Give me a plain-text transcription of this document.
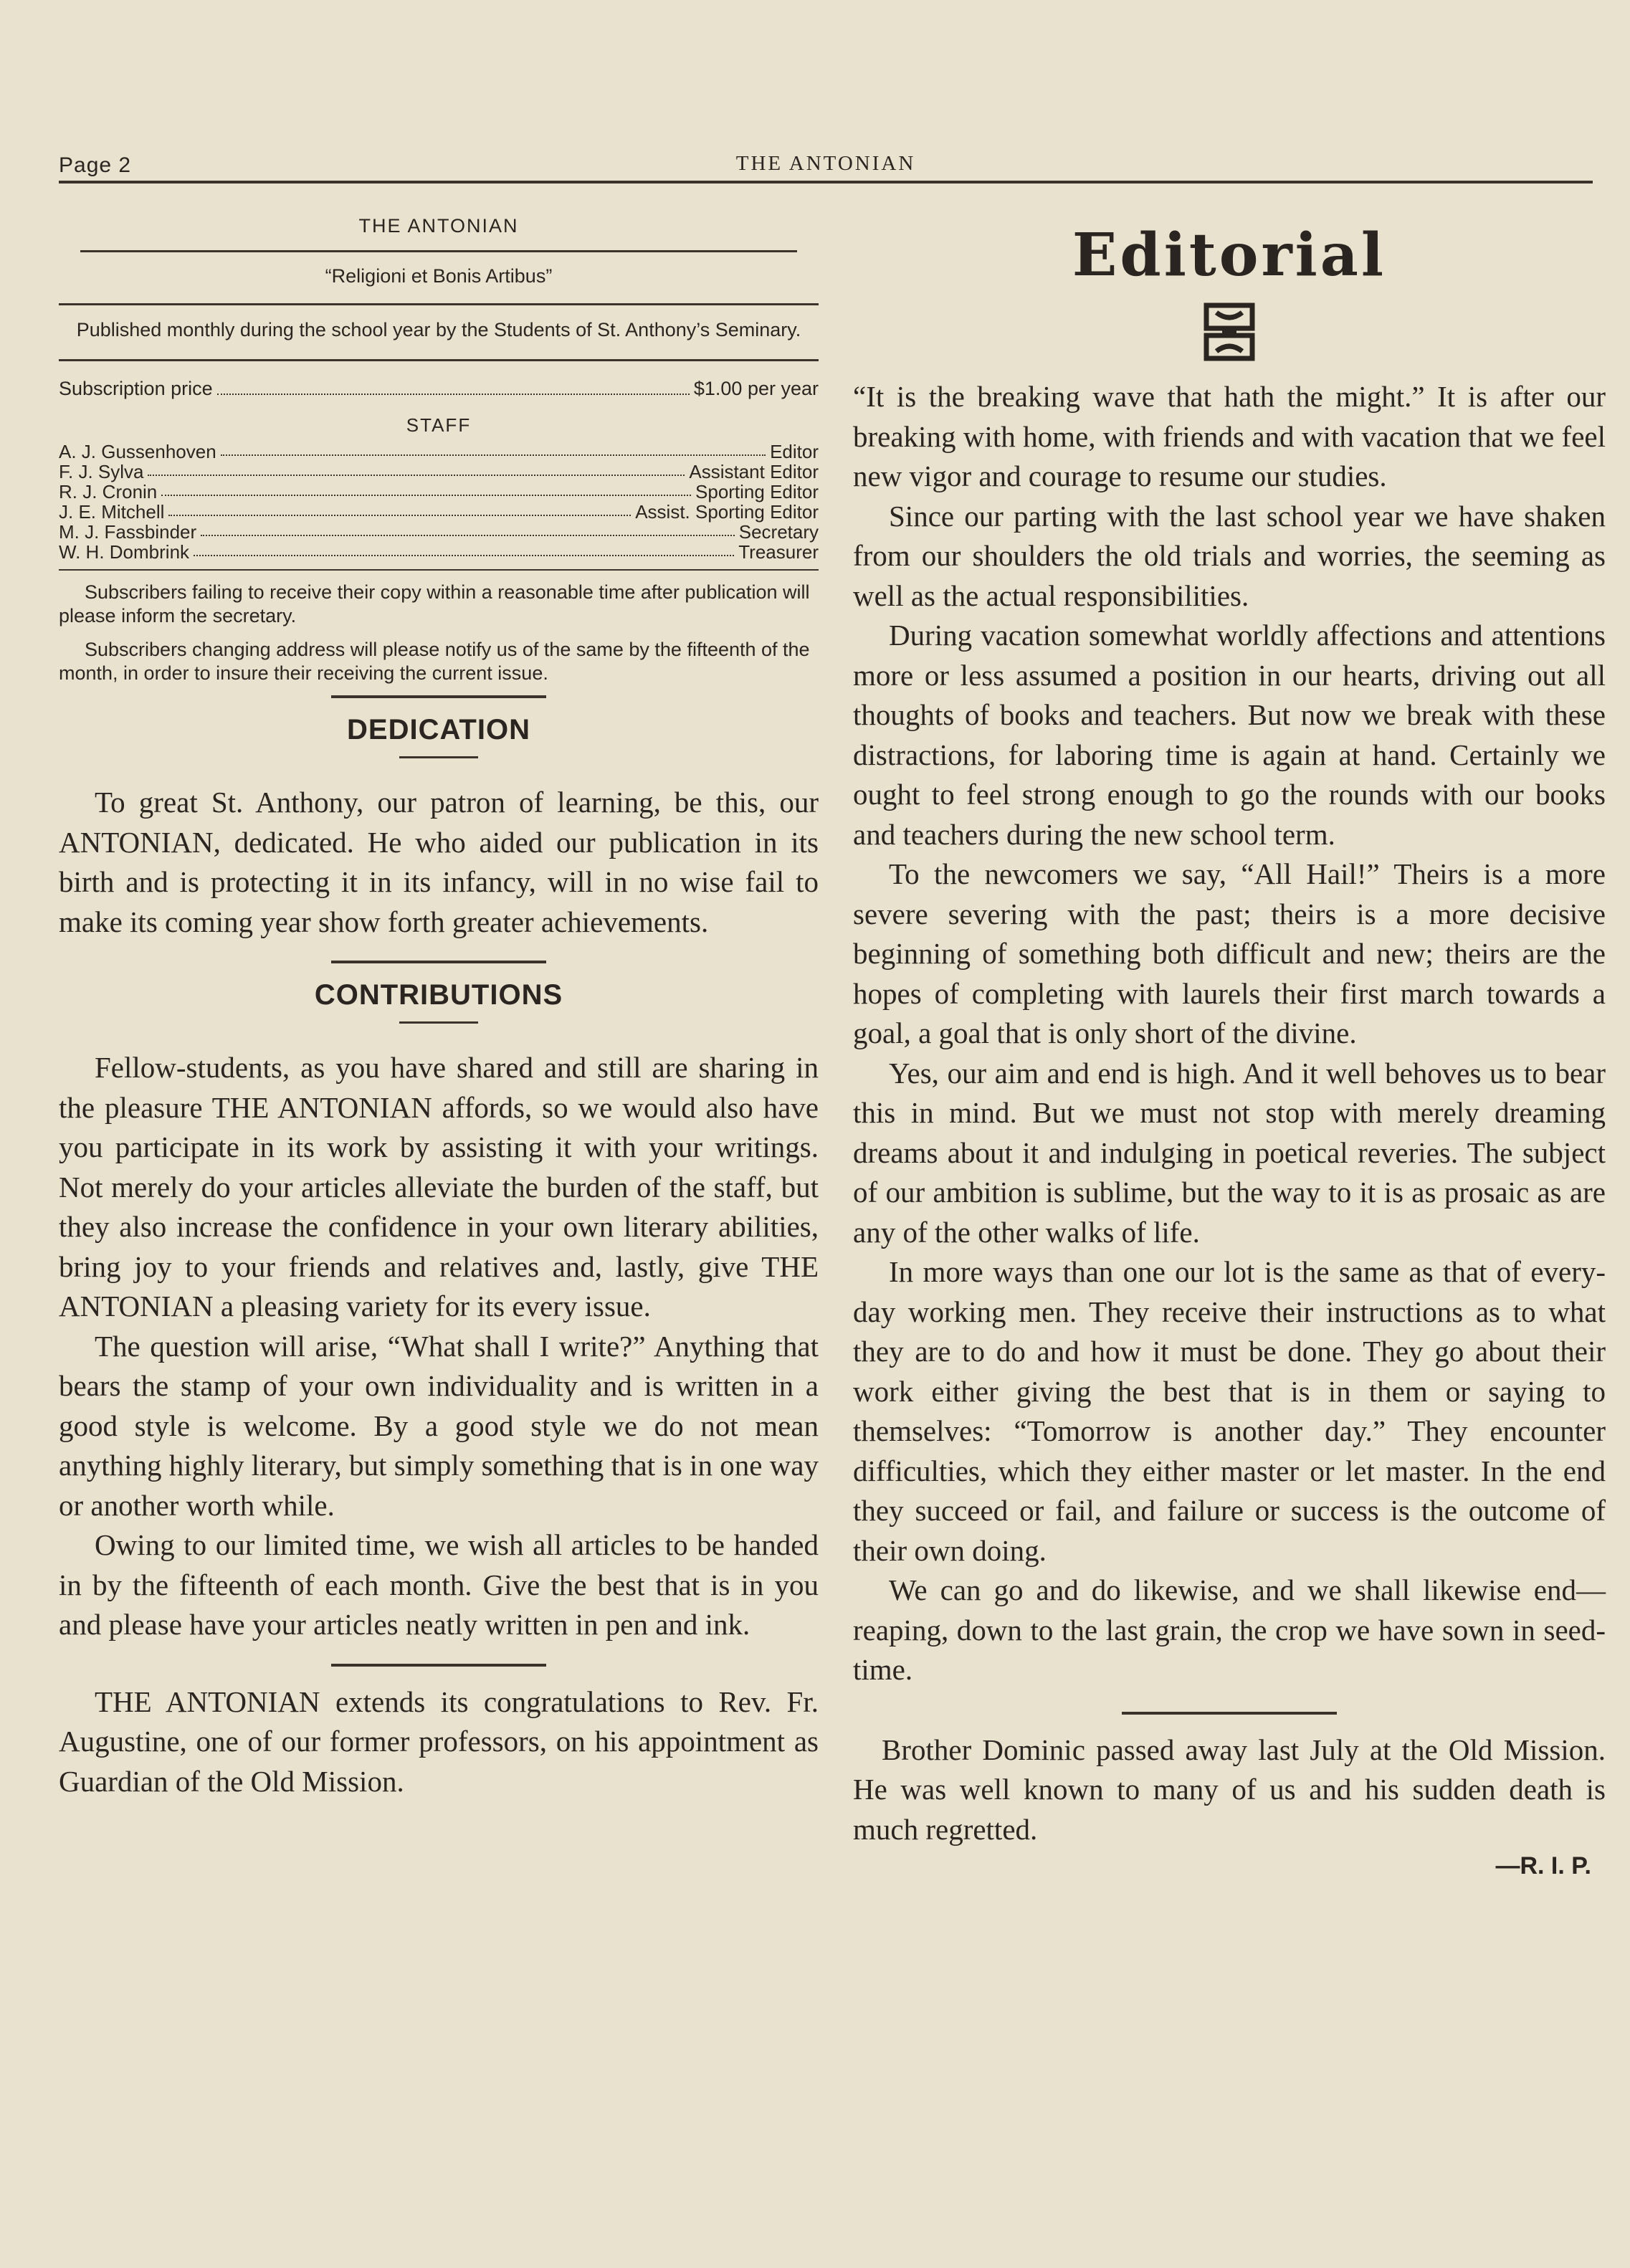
Page 2	THE ANTONIAN
THE ANTONIAN
“Religioni et Bonis Artibus”
Published monthly during the school year by the Students of St. Anthony’s Seminary.
Subscription price	$1.00 per year
STAFF
A. J. Gussenhoven	Editor
F. J. Sylva	Assistant Editor
R. J. Cronin	Sporting Editor
J. E. Mitchell	Assist. Sporting Editor
M. J. Fassbinder	Secretary
W. H. Dombrink	Treasurer

Subscribers failing to receive their copy within a reasonable time after publication will please inform the secretary.

Subscribers changing address will please notify us of the same by the fifteenth of the month, in order to insure their receiving the current issue.

DEDICATION

To great St. Anthony, our patron of learning, be this, our ANTONIAN, dedicated. He who aided our publication in its birth and is protecting it in its infancy, will in no wise fail to make its coming year show forth greater achievements.

CONTRIBUTIONS

Fellow-students, as you have shared and still are sharing in the pleasure THE ANTONIAN affords, so we would also have you participate in its work by assisting it with your writings. Not merely do your articles alleviate the burden of the staff, but they also increase the confidence in your own literary abilities, bring joy to your friends and relatives and, lastly, give THE ANTONIAN a pleasing variety for its every issue.

The question will arise, “What shall I write?” Anything that bears the stamp of your own individuality and is written in a good style is welcome. By a good style we do not mean anything highly literary, but simply something that is in one way or another worth while.

Owing to our limited time, we wish all articles to be handed in by the fifteenth of each month. Give the best that is in you and please have your articles neatly written in pen and ink.

THE ANTONIAN extends its congratulations to Rev. Fr. Augustine, one of our former professors, on his appointment as Guardian of the Old Mission.

Editorial

“It is the breaking wave that hath the might.” It is after our breaking with home, with friends and with vacation that we feel new vigor and courage to resume our studies.

Since our parting with the last school year we have shaken from our shoulders the old trials and worries, the seeming as well as the actual responsibilities.

During vacation somewhat worldly affections and attentions more or less assumed a position in our hearts, driving out all thoughts of books and teachers. But now we break with these distractions, for laboring time is again at hand. Certainly we ought to feel strong enough to go the rounds with our books and teachers during the new school term.

To the newcomers we say, “All Hail!” Theirs is a more severe severing with the past; theirs is a more decisive beginning of something both difficult and new; theirs are the hopes of completing with laurels their first march towards a goal, a goal that is only short of the divine.

Yes, our aim and end is high. And it well behoves us to bear this in mind. But we must not stop with merely dreaming dreams about it and indulging in poetical reveries. The subject of our ambition is sublime, but the way to it is as prosaic as are any of the other walks of life.

In more ways than one our lot is the same as that of every-day working men. They receive their instructions as to what they are to do and how it must be done. They go about their work either giving the best that is in them or saying to themselves: “Tomorrow is another day.” They encounter difficulties, which they either master or let master. In the end they succeed or fail, and failure or success is the outcome of their own doing.

We can go and do likewise, and we shall likewise end—reaping, down to the last grain, the crop we have sown in seed-time.

Brother Dominic passed away last July at the Old Mission. He was well known to many of us and his sudden death is much regretted.

—R. I. P.
